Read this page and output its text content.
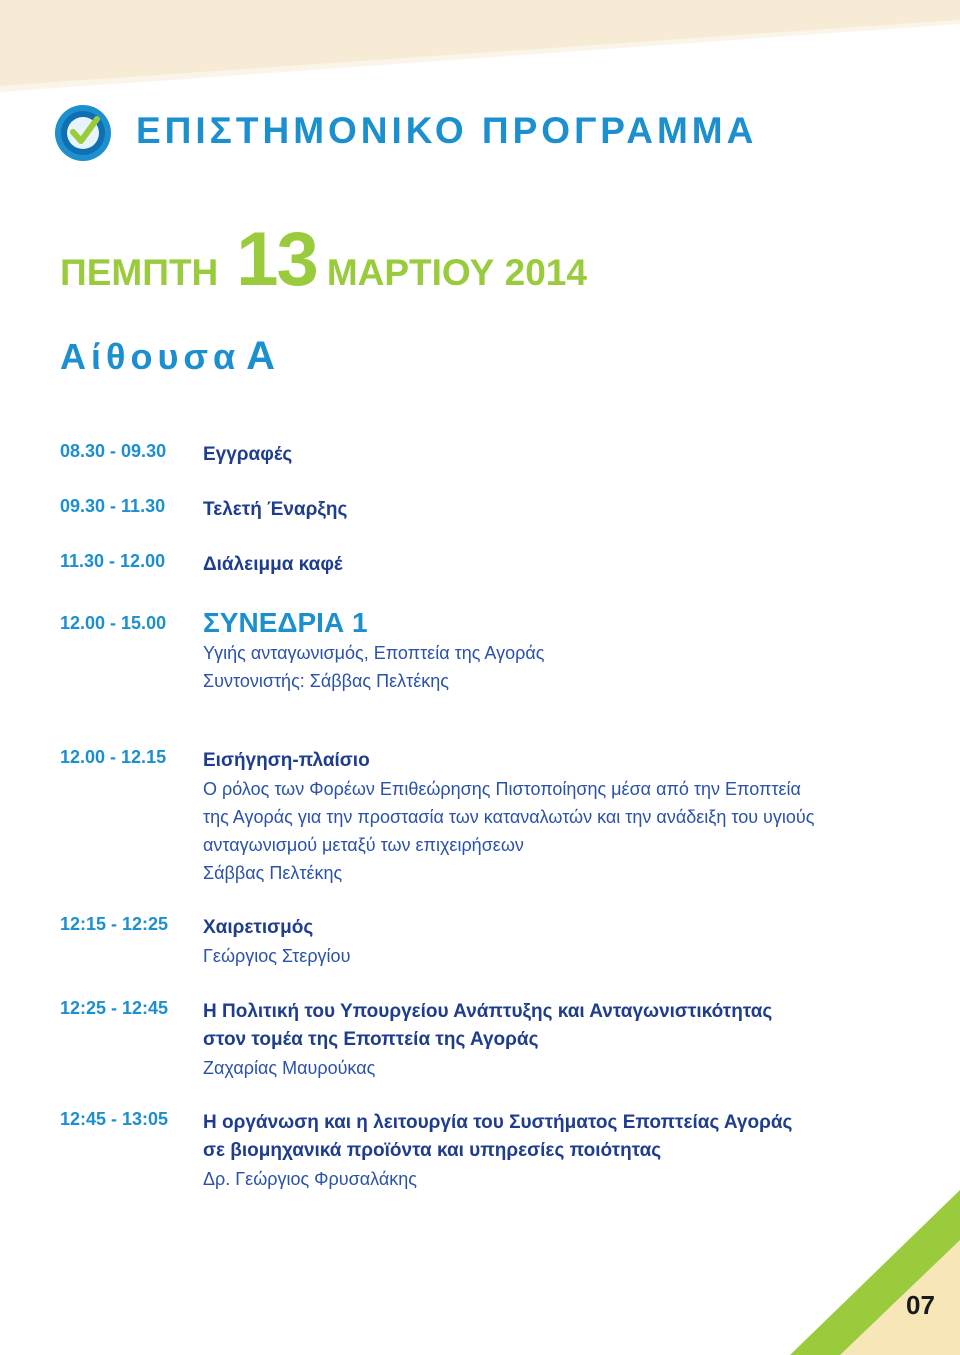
ΕΠΙΣΤΗΜΟΝΙΚΟ ΠΡΟΓΡΑΜΜΑ
ΠΕΜΠΤΗ 13 ΜΑΡΤΙΟΥ 2014
Αίθουσα Α
08.30 - 09.30	Εγγραφές
09.30 - 11.30	Τελετή Έναρξης
11.30 - 12.00	Διάλειμμα καφέ
12.00 - 15.00	ΣΥΝΕΔΡΙΑ 1
Υγιής ανταγωνισμός, Εποπτεία της Αγοράς
Συντονιστής: Σάββας Πελτέκης
12.00 - 12.15	Εισήγηση-πλαίσιο
Ο ρόλος των Φορέων Επιθεώρησης Πιστοποίησης μέσα από την Εποπτεία
της Αγοράς για την προστασία των καταναλωτών και την ανάδειξη του υγιούς
ανταγωνισμού μεταξύ των επιχειρήσεων
Σάββας Πελτέκης
12:15 - 12:25	Χαιρετισμός
Γεώργιος Στεργίου
12:25 - 12:45	Η Πολιτική του Υπουργείου Ανάπτυξης και Ανταγωνιστικότητας
στον τομέα της Εποπτεία της Αγοράς
Ζαχαρίας Μαυρούκας
12:45 - 13:05	Η οργάνωση και η λειτουργία του Συστήματος Εποπτείας Αγοράς
σε βιομηχανικά προϊόντα και υπηρεσίες ποιότητας
Δρ. Γεώργιος Φρυσαλάκης
07
